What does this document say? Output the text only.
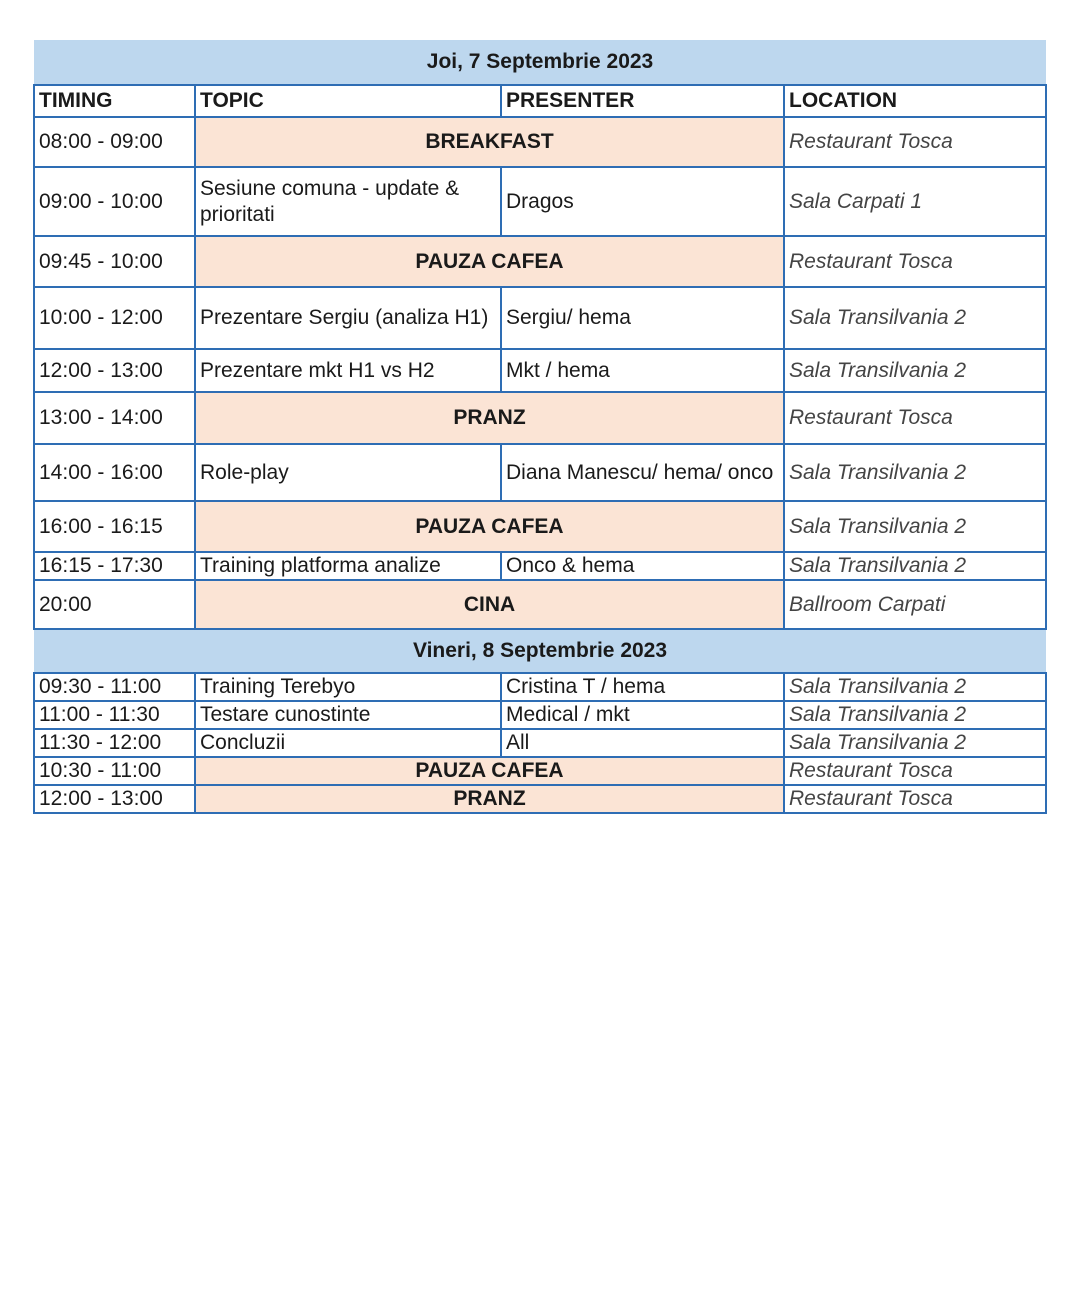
Joi, 7 Septembrie 2023			
TIMING	TOPIC	PRESENTER	LOCATION
08:00 - 09:00	BREAKFAST		Restaurant Tosca
09:00 - 10:00	Sesiune comuna - update & prioritati	Dragos	Sala Carpati 1
09:45 - 10:00	PAUZA CAFEA		Restaurant Tosca
10:00 - 12:00	Prezentare Sergiu (analiza H1)	Sergiu/ hema	Sala Transilvania 2
12:00 - 13:00	Prezentare mkt H1 vs H2	Mkt / hema	Sala Transilvania 2
13:00 - 14:00	PRANZ		Restaurant Tosca
14:00 - 16:00	Role-play	Diana Manescu/ hema/ onco	Sala Transilvania 2
16:00 - 16:15	PAUZA CAFEA		Sala Transilvania 2
16:15 - 17:30	Training platforma analize	Onco & hema	Sala Transilvania 2
20:00	CINA		Ballroom Carpati
Vineri, 8 Septembrie 2023			
09:30 - 11:00	Training Terebyo	Cristina T / hema	Sala Transilvania 2
11:00 - 11:30	Testare cunostinte	Medical / mkt	Sala Transilvania 2
11:30 - 12:00	Concluzii	All	Sala Transilvania 2
10:30 - 11:00	PAUZA CAFEA		Restaurant Tosca
12:00 - 13:00	PRANZ		Restaurant Tosca
